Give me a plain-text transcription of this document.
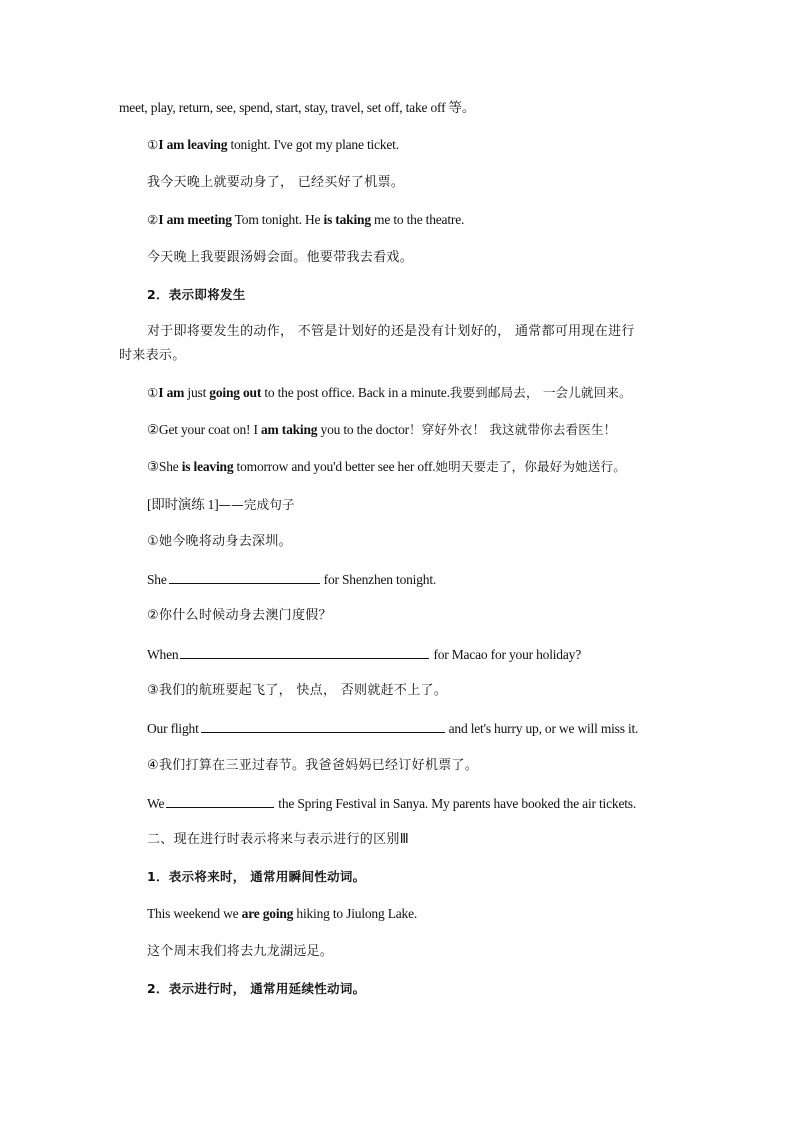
meet, play, return, see, spend, start, stay, travel, set off, take off 等。
①I am leaving tonight. I've got my plane ticket.
我今天晚上就要动身了， 已经买好了机票。
②I am meeting Tom tonight. He is taking me to the theatre.
今天晚上我要跟汤姆会面。他要带我去看戏。
2．表示即将发生
对于即将要发生的动作， 不管是计划好的还是没有计划好的， 通常都可用现在进行
时来表示。
①I am just going out to the post office. Back in a minute.我要到邮局去， 一会儿就回来。
②Get your coat on! I am taking you to the doctor！穿好外衣！ 我这就带你去看医生！
③She is leaving tomorrow and you'd better see her off.她明天要走了，你最好为她送行。
[即时演练 1]——完成句子
①她今晚将动身去深圳。
She	for Shenzhen tonight.
②你什么时候动身去澳门度假？
When	for Macao for your holiday?
③我们的航班要起飞了， 快点， 否则就赶不上了。
Our flight	and let's hurry up, or we will miss it.
④我们打算在三亚过春节。我爸爸妈妈已经订好机票了。
We	the Spring Festival in Sanya. My parents have booked the air tickets.
二、现在进行时表示将来与表示进行的区别Ⅲ
1．表示将来时， 通常用瞬间性动词。
This weekend we are going hiking to Jiulong Lake.
这个周末我们将去九龙湖远足。
2．表示进行时， 通常用延续性动词。
